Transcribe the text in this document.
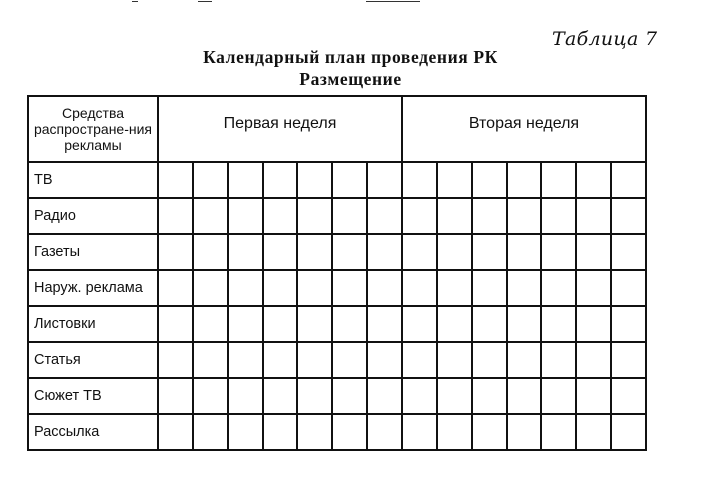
Таблица 7
Календарный план проведения РК
Размещение
Средства распростране-ния рекламы	Первая неделя							Вторая неделя						
ТВ														
Радио														
Газеты														
Наруж. реклама														
Листовки														
Статья														
Сюжет ТВ														
Рассылка														
